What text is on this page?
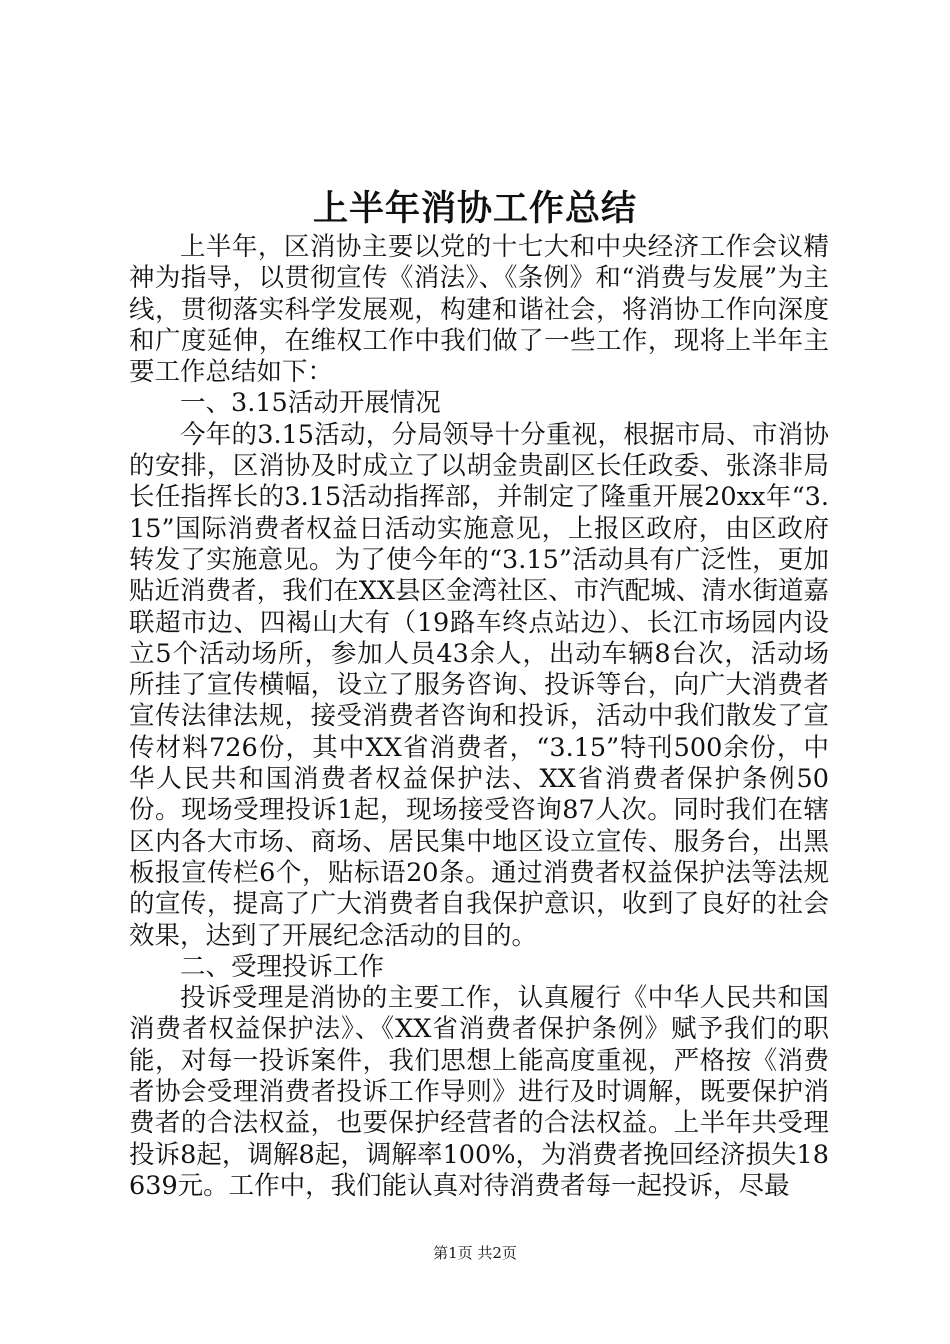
上半年消协工作总结

上半年，区消协主要以党的十七大和中央经济工作会议精神为指导，以贯彻宣传《消法》、《条例》和“消费与发展”为主线，贯彻落实科学发展观，构建和谐社会，将消协工作向深度和广度延伸，在维权工作中我们做了一些工作，现将上半年主要工作总结如下：

一、3.15活动开展情况

今年的3.15活动，分局领导十分重视，根据市局、市消协的安排，区消协及时成立了以胡金贵副区长任政委、张涤非局长任指挥长的3.15活动指挥部，并制定了隆重开展20xx年“3.15”国际消费者权益日活动实施意见，上报区政府，由区政府转发了实施意见。为了使今年的“3.15”活动具有广泛性，更加贴近消费者，我们在XX县区金湾社区、市汽配城、清水街道嘉联超市边、四褐山大有（19路车终点站边）、长江市场园内设立5个活动场所，参加人员43余人，出动车辆8台次，活动场所挂了宣传横幅，设立了服务咨询、投诉等台，向广大消费者宣传法律法规，接受消费者咨询和投诉，活动中我们散发了宣传材料726份，其中XX省消费者，“3.15”特刊500余份，中华人民共和国消费者权益保护法、XX省消费者保护条例50份。现场受理投诉1起，现场接受咨询87人次。同时我们在辖区内各大市场、商场、居民集中地区设立宣传、服务台，出黑板报宣传栏6个，贴标语20条。通过消费者权益保护法等法规的宣传，提高了广大消费者自我保护意识，收到了良好的社会效果，达到了开展纪念活动的目的。

二、受理投诉工作

投诉受理是消协的主要工作，认真履行《中华人民共和国消费者权益保护法》、《XX省消费者保护条例》赋予我们的职能，对每一投诉案件，我们思想上能高度重视，严格按《消费者协会受理消费者投诉工作导则》进行及时调解，既要保护消费者的合法权益，也要保护经营者的合法权益。上半年共受理投诉8起，调解8起，调解率100%，为消费者挽回经济损失18639元。工作中，我们能认真对待消费者每一起投诉，尽最

第1页 共2页
